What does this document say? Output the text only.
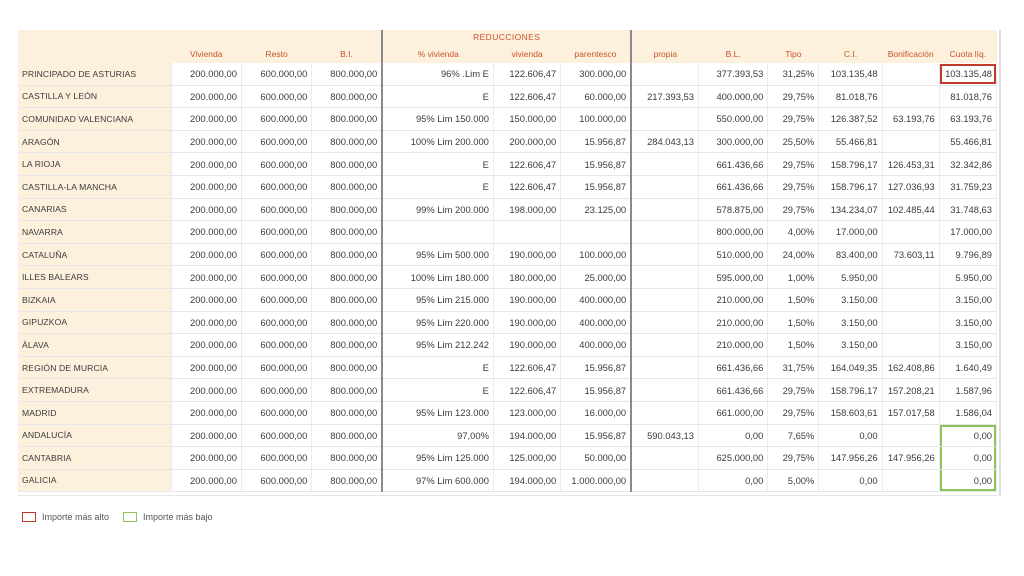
				REDUCCIONES								
	Vivienda	Resto	B.I.	% vivienda	vivienda	parentesco	propia	B.L.	Tipo	C.I.	Bonificación	Cuota líq.
PRINCIPADO DE ASTURIAS	200.000,00	600.000,00	800.000,00	96% .Lim E	122.606,47	300.000,00		377.393,53	31,25%	103.135,48		103.135,48
CASTILLA Y LEÓN	200.000,00	600.000,00	800.000,00	E	122.606,47	60.000,00	217.393,53	400.000,00	29,75%	81.018,76		81.018,76
COMUNIDAD VALENCIANA	200.000,00	600.000,00	800.000,00	95% Lim 150.000	150.000,00	100.000,00		550.000,00	29,75%	126.387,52	63.193,76	63.193,76
ARAGÓN	200.000,00	600.000,00	800.000,00	100% Lim 200.000	200.000,00	15.956,87	284.043,13	300.000,00	25,50%	55.466,81		55.466,81
LA RIOJA	200.000,00	600.000,00	800.000,00	E	122.606,47	15.956,87		661.436,66	29,75%	158.796,17	126.453,31	32.342,86
CASTILLA-LA MANCHA	200.000,00	600.000,00	800.000,00	E	122.606,47	15.956,87		661.436,66	29,75%	158.796,17	127.036,93	31.759,23
CANARIAS	200.000,00	600.000,00	800.000,00	99% Lim 200.000	198.000,00	23.125,00		578.875,00	29,75%	134.234,07	102.485,44	31.748,63
NAVARRA	200.000,00	600.000,00	800.000,00					800.000,00	4,00%	17.000,00		17.000,00
CATALUÑA	200.000,00	600.000,00	800.000,00	95% Lim 500.000	190.000,00	100.000,00		510.000,00	24,00%	83.400,00	73.603,11	9.796,89
ILLES BALEARS	200.000,00	600.000,00	800.000,00	100% Lim 180.000	180.000,00	25.000,00		595.000,00	1,00%	5.950,00		5.950,00
BIZKAIA	200.000,00	600.000,00	800.000,00	95% Lim 215.000	190.000,00	400.000,00		210.000,00	1,50%	3.150,00		3.150,00
GIPUZKOA	200.000,00	600.000,00	800.000,00	95% Lim 220.000	190.000,00	400.000,00		210.000,00	1,50%	3.150,00		3.150,00
ÁLAVA	200.000,00	600.000,00	800.000,00	95% Lim 212.242	190.000,00	400.000,00		210.000,00	1,50%	3.150,00		3.150,00
REGIÓN DE MURCIA	200.000,00	600.000,00	800.000,00	E	122.606,47	15.956,87		661.436,66	31,75%	164.049,35	162.408,86	1.640,49
EXTREMADURA	200.000,00	600.000,00	800.000,00	E	122.606,47	15.956,87		661.436,66	29,75%	158.796,17	157.208,21	1.587,96
MADRID	200.000,00	600.000,00	800.000,00	95% Lim 123.000	123.000,00	16.000,00		661.000,00	29,75%	158.603,61	157.017,58	1.586,04
ANDALUCÍA	200.000,00	600.000,00	800.000,00	97,00%	194.000,00	15.956,87	590.043,13	0,00	7,65%	0,00		0,00
CANTABRIA	200.000,00	600.000,00	800.000,00	95% Lim 125.000	125.000,00	50.000,00		625.000,00	29,75%	147.956,26	147.956,26	0,00
GALICIA	200.000,00	600.000,00	800.000,00	97% Lim 600.000	194.000,00	1.000.000,00		0,00	5,00%	0,00		0,00
Importe más alto	Importe más bajo
